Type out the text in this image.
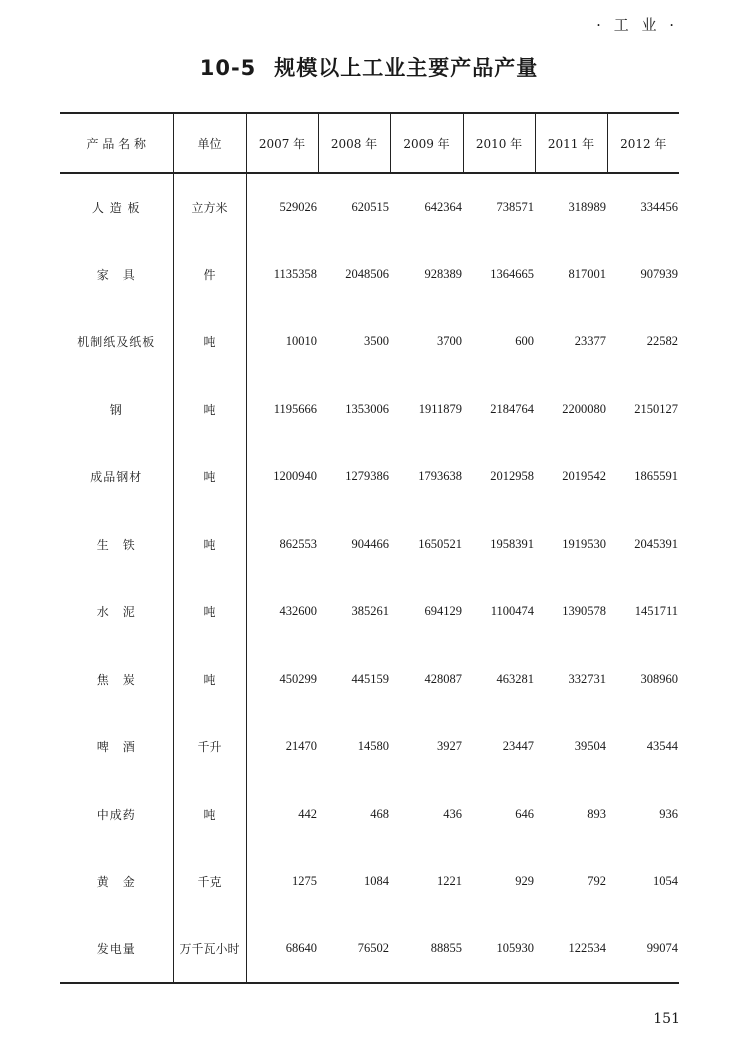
· 工 业 ·
10-5 规模以上工业主要产品产量
产 品 名 称	单位	2007 年	2008 年	2009 年	2010 年	2011 年	2012 年
人 造 板	立方米	529026	620515	642364	738571	318989	334456
家　具	件	1135358	2048506	928389	1364665	817001	907939
机制纸及纸板	吨	10010	3500	3700	600	23377	22582
钢	吨	1195666	1353006	1911879	2184764	2200080	2150127
成品钢材	吨	1200940	1279386	1793638	2012958	2019542	1865591
生　铁	吨	862553	904466	1650521	1958391	1919530	2045391
水　泥	吨	432600	385261	694129	1100474	1390578	1451711
焦　炭	吨	450299	445159	428087	463281	332731	308960
啤　酒	千升	21470	14580	3927	23447	39504	43544
中成药	吨	442	468	436	646	893	936
黄　金	千克	1275	1084	1221	929	792	1054
发电量	万千瓦小时	68640	76502	88855	105930	122534	99074
151
